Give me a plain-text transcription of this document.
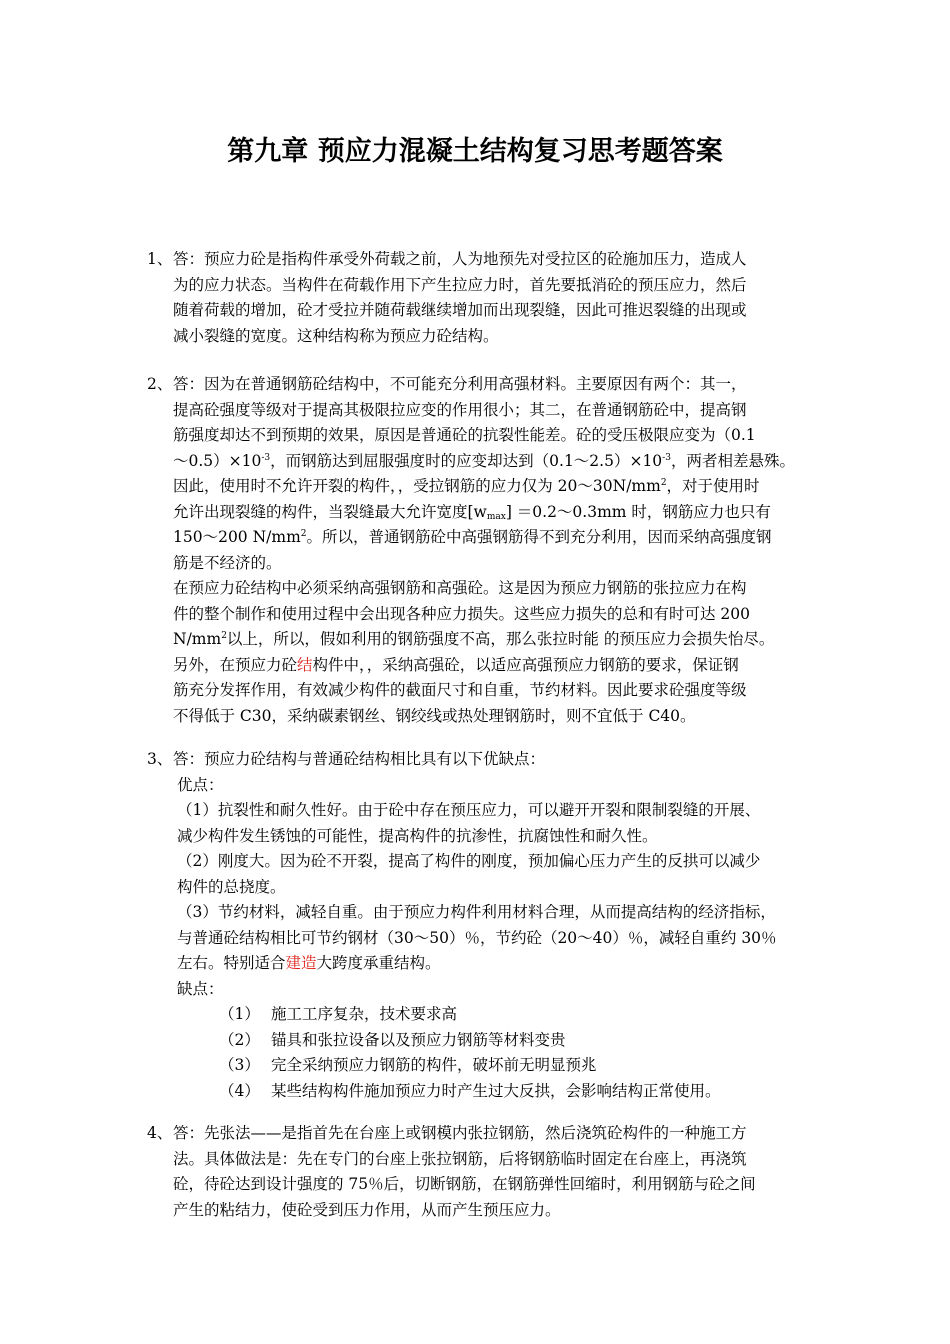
第九章 预应力混凝土结构复习思考题答案
1、 答：预应力砼是指构件承受外荷载之前，人为地预先对受拉区的砼施加压力，造成人
为的应力状态。当构件在荷载作用下产生拉应力时，首先要抵消砼的预压应力，然后
随着荷载的增加，砼才受拉并随荷载继续增加而出现裂缝，因此可推迟裂缝的出现或
减小裂缝的宽度。这种结构称为预应力砼结构。
2、 答：因为在普通钢筋砼结构中，不可能充分利用高强材料。主要原因有两个：其一，
提高砼强度等级对于提高其极限拉应变的作用很小；其二，在普通钢筋砼中，提高钢
筋强度却达不到预期的效果，原因是普通砼的抗裂性能差。砼的受压极限应变为（0.1
$\sim 0.5)\times 10^{-3}$，而钢筋达到屈服强度时的应变却达到$(0.1\sim 2.5)\times 10^{-3}$，两者相差悬殊。
因此，使用时不允许开裂的构件，，受拉钢筋的应力仅为 $20\sim 30N/mm^2$，对于使用时
允许出现裂缝的构件，当裂缝最大允许宽度$[w_{max}]$ ＝0.2～0.3mm 时，钢筋应力也只有
150～200 $N/mm^2$。所以，普通钢筋砼中高强钢筋得不到充分利用，因而采纳高强度钢
筋是不经济的。
在预应力砼结构中必须采纳高强钢筋和高强砼。这是因为预应力钢筋的张拉应力在构
件的整个制作和使用过程中会出现各种应力损失。这些应力损失的总和有时可达 200
$N/mm^2$以上，所以，假如利用的钢筋强度不高，那么张拉时能 的预压应力会损失怡尽。
另外，在预应力砼结构件中，，采纳高强砼，以适应高强预应力钢筋的要求，保证钢
筋充分发挥作用，有效减少构件的截面尺寸和自重，节约材料。因此要求砼强度等级
不得低于 C30，采纳碳素钢丝、钢绞线或热处理钢筋时，则不宜低于 C40。
3、 答：预应力砼结构与普通砼结构相比具有以下优缺点：
优点：
（1）抗裂性和耐久性好。由于砼中存在预压应力，可以避开开裂和限制裂缝的开展、
减少构件发生锈蚀的可能性，提高构件的抗渗性，抗腐蚀性和耐久性。
（2）刚度大。因为砼不开裂，提高了构件的刚度，预加偏心压力产生的反拱可以减少
构件的总挠度。
（3）节约材料，减轻自重。由于预应力构件利用材料合理，从而提高结构的经济指标，
与普通砼结构相比可节约钢材（30～50）％，节约砼（20～40）％，减轻自重约 30％
左右。特别适合建造大跨度承重结构。
缺点：
（1） 施工工序复杂，技术要求高
（2） 锚具和张拉设备以及预应力钢筋等材料变贵
（3） 完全采纳预应力钢筋的构件，破坏前无明显预兆
（4） 某些结构构件施加预应力时产生过大反拱，会影响结构正常使用。
4、 答：先张法——是指首先在台座上或钢模内张拉钢筋，然后浇筑砼构件的一种施工方
法。具体做法是：先在专门的台座上张拉钢筋，后将钢筋临时固定在台座上，再浇筑
砼，待砼达到设计强度的 75％后，切断钢筋，在钢筋弹性回缩时，利用钢筋与砼之间
产生的粘结力，使砼受到压力作用，从而产生预压应力。
